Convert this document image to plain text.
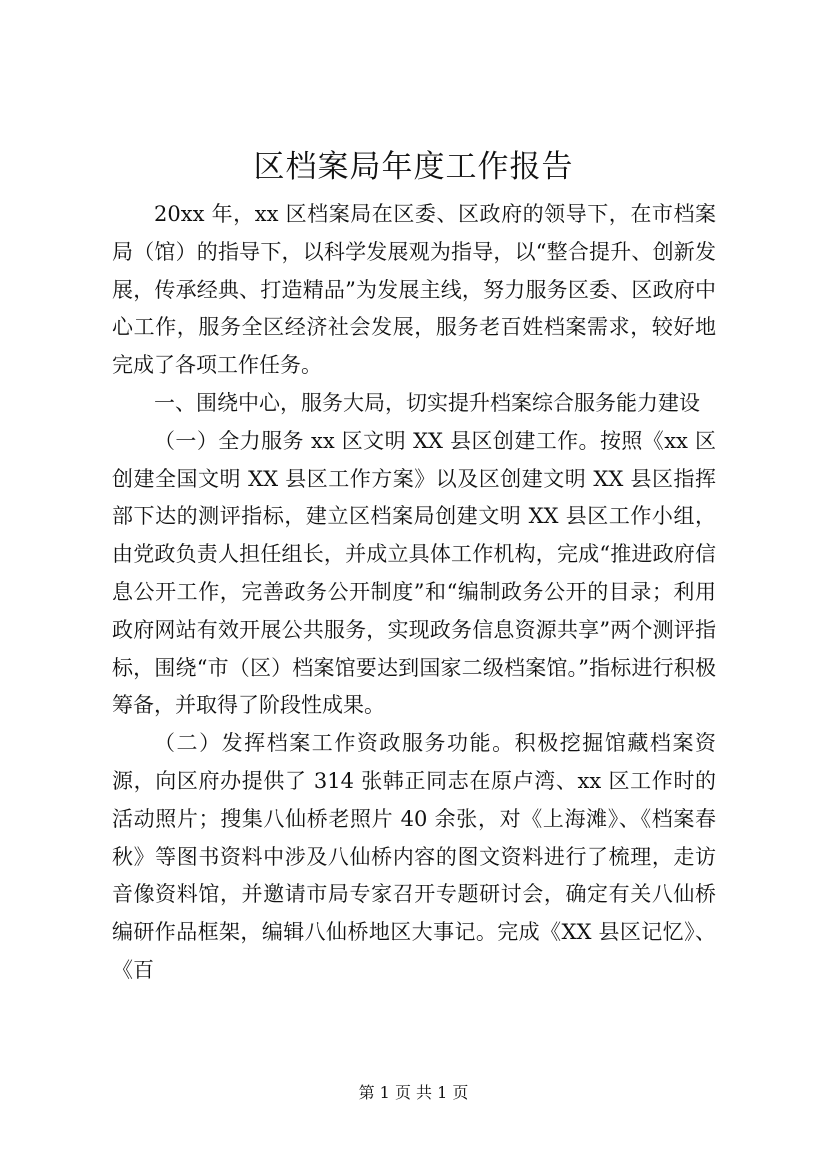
区档案局年度工作报告

20xx 年，xx 区档案局在区委、区政府的领导下，在市档案局（馆）的指导下，以科学发展观为指导，以“整合提升、创新发展，传承经典、打造精品”为发展主线，努力服务区委、区政府中心工作，服务全区经济社会发展，服务老百姓档案需求，较好地完成了各项工作任务。

一、围绕中心，服务大局，切实提升档案综合服务能力建设

（一）全力服务 xx 区文明 XX 县区创建工作。按照《xx 区创建全国文明 XX 县区工作方案》以及区创建文明 XX 县区指挥部下达的测评指标，建立区档案局创建文明 XX 县区工作小组，由党政负责人担任组长，并成立具体工作机构，完成“推进政府信息公开工作，完善政务公开制度”和“编制政务公开的目录；利用政府网站有效开展公共服务，实现政务信息资源共享”两个测评指标，围绕“市（区）档案馆要达到国家二级档案馆。”指标进行积极筹备，并取得了阶段性成果。

（二）发挥档案工作资政服务功能。积极挖掘馆藏档案资源，向区府办提供了 314 张韩正同志在原卢湾、xx 区工作时的活动照片；搜集八仙桥老照片 40 余张，对《上海滩》、《档案春秋》等图书资料中涉及八仙桥内容的图文资料进行了梳理，走访音像资料馆，并邀请市局专家召开专题研讨会，确定有关八仙桥编研作品框架，编辑八仙桥地区大事记。完成《XX 县区记忆》、《百

第 1 页 共 1 页
